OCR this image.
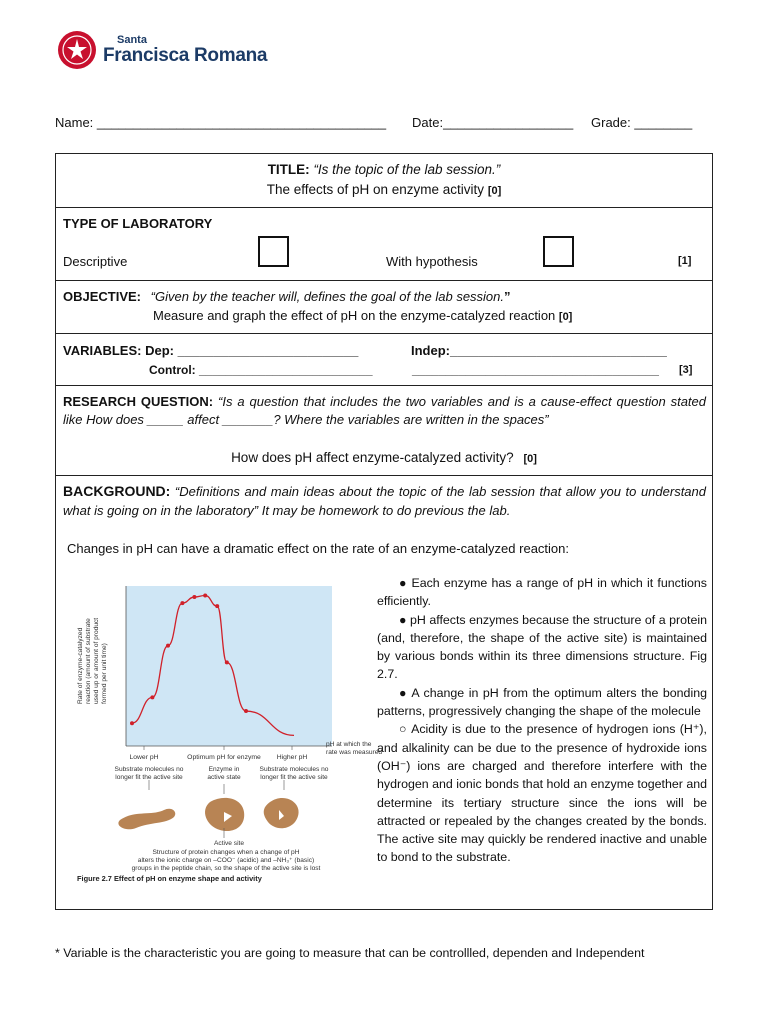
Santa
Francisca Romana
Name: ________________________________________ Date:__________________ Grade: ________
TITLE: “Is the topic of the lab session.”
The effects of pH on enzyme activity [0]
TYPE OF LABORATORY
Descriptive	With hypothesis	[1]
OBJECTIVE: “Given by the teacher will, defines the goal of the lab session.”
Measure and graph the effect of pH on the enzyme-catalyzed reaction [0]
VARIABLES: Dep: _________________________	Indep:______________________________
Control: __________________________	_____________________________________ [3]
RESEARCH QUESTION: “Is a question that includes the two variables and is a cause-effect question stated like How does _____ affect _______? Where the variables are written in the spaces”
How does pH affect enzyme-catalyzed activity? [0]
BACKGROUND: “Definitions and main ideas about the topic of the lab session that allow you to understand what is going on in the laboratory” It may be homework to do previous the lab.
Changes in pH can have a dramatic effect on the rate of an enzyme-catalyzed reaction:
Rate of enzyme-catalyzed reaction (amount of substrate used up or amount of product formed per unit time)
Lower pH	Optimum pH for enzyme Higher pH
pH at which the
rate was measured
Substrate molecules no
longer fit the active site
Enzyme in
active state
Substrate molecules no
longer fit the active site
Active site
Structure of protein changes when a change of pH
alters the ionic charge on –COO⁻ (acidic) and –NH₃⁺ (basic)
groups in the peptide chain, so the shape of the active site is lost
Figure 2.7 Effect of pH on enzyme shape and activity

● Each enzyme has a range of pH in which it functions efficiently.

● pH affects enzymes because the structure of a protein (and, therefore, the shape of the active site) is maintained by various bonds within its three dimensions structure. Fig 2.7.

● A change in pH from the optimum alters the bonding patterns, progressively changing the shape of the molecule

○ Acidity is due to the presence of hydrogen ions (H⁺), and alkalinity can be due to the presence of hydroxide ions (OH⁻) ions are charged and therefore interfere with the hydrogen and ionic bonds that hold an enzyme together and determine its tertiary structure since the ions will be attracted or repealed by the changes created by the bonds. The active site may quickly be rendered inactive and unable to bond to the substrate.

* Variable is the characteristic you are going to measure that can be controllled, dependen and Independent
